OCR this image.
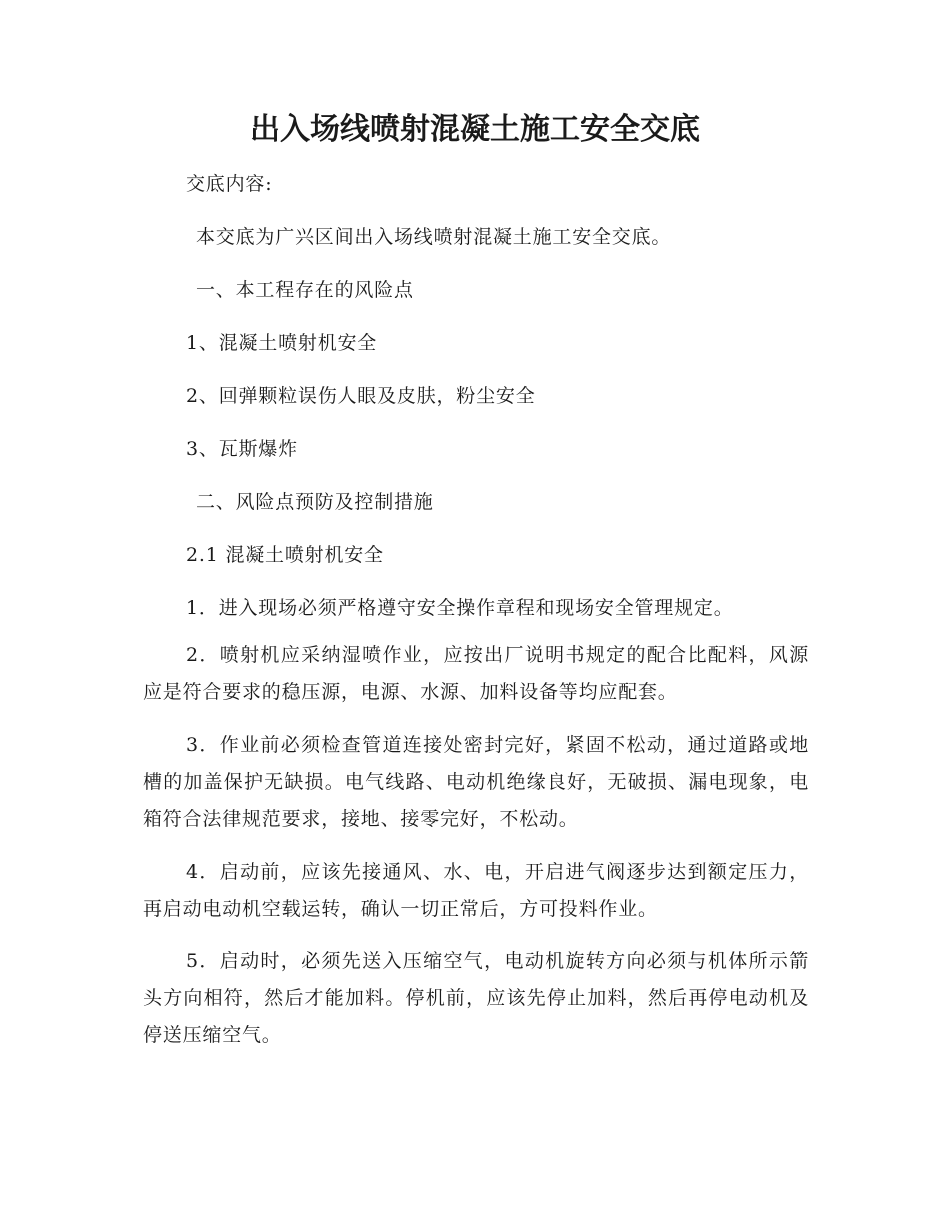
出入场线喷射混凝土施工安全交底
交底内容:
本交底为广兴区间出入场线喷射混凝土施工安全交底。
一、本工程存在的风险点
1、混凝土喷射机安全
2、回弹颗粒误伤人眼及皮肤，粉尘安全
3、瓦斯爆炸
二、风险点预防及控制措施
2.1 混凝土喷射机安全
1．进入现场必须严格遵守安全操作章程和现场安全管理规定。
2．喷射机应采纳湿喷作业，应按出厂说明书规定的配合比配料，风源应是符合要求的稳压源，电源、水源、加料设备等均应配套。
3．作业前必须检查管道连接处密封完好，紧固不松动，通过道路或地槽的加盖保护无缺损。电气线路、电动机绝缘良好，无破损、漏电现象，电箱符合法律规范要求，接地、接零完好，不松动。
4．启动前，应该先接通风、水、电，开启进气阀逐步达到额定压力，再启动电动机空载运转，确认一切正常后，方可投料作业。
5．启动时，必须先送入压缩空气，电动机旋转方向必须与机体所示箭头方向相符，然后才能加料。停机前，应该先停止加料，然后再停电动机及停送压缩空气。
